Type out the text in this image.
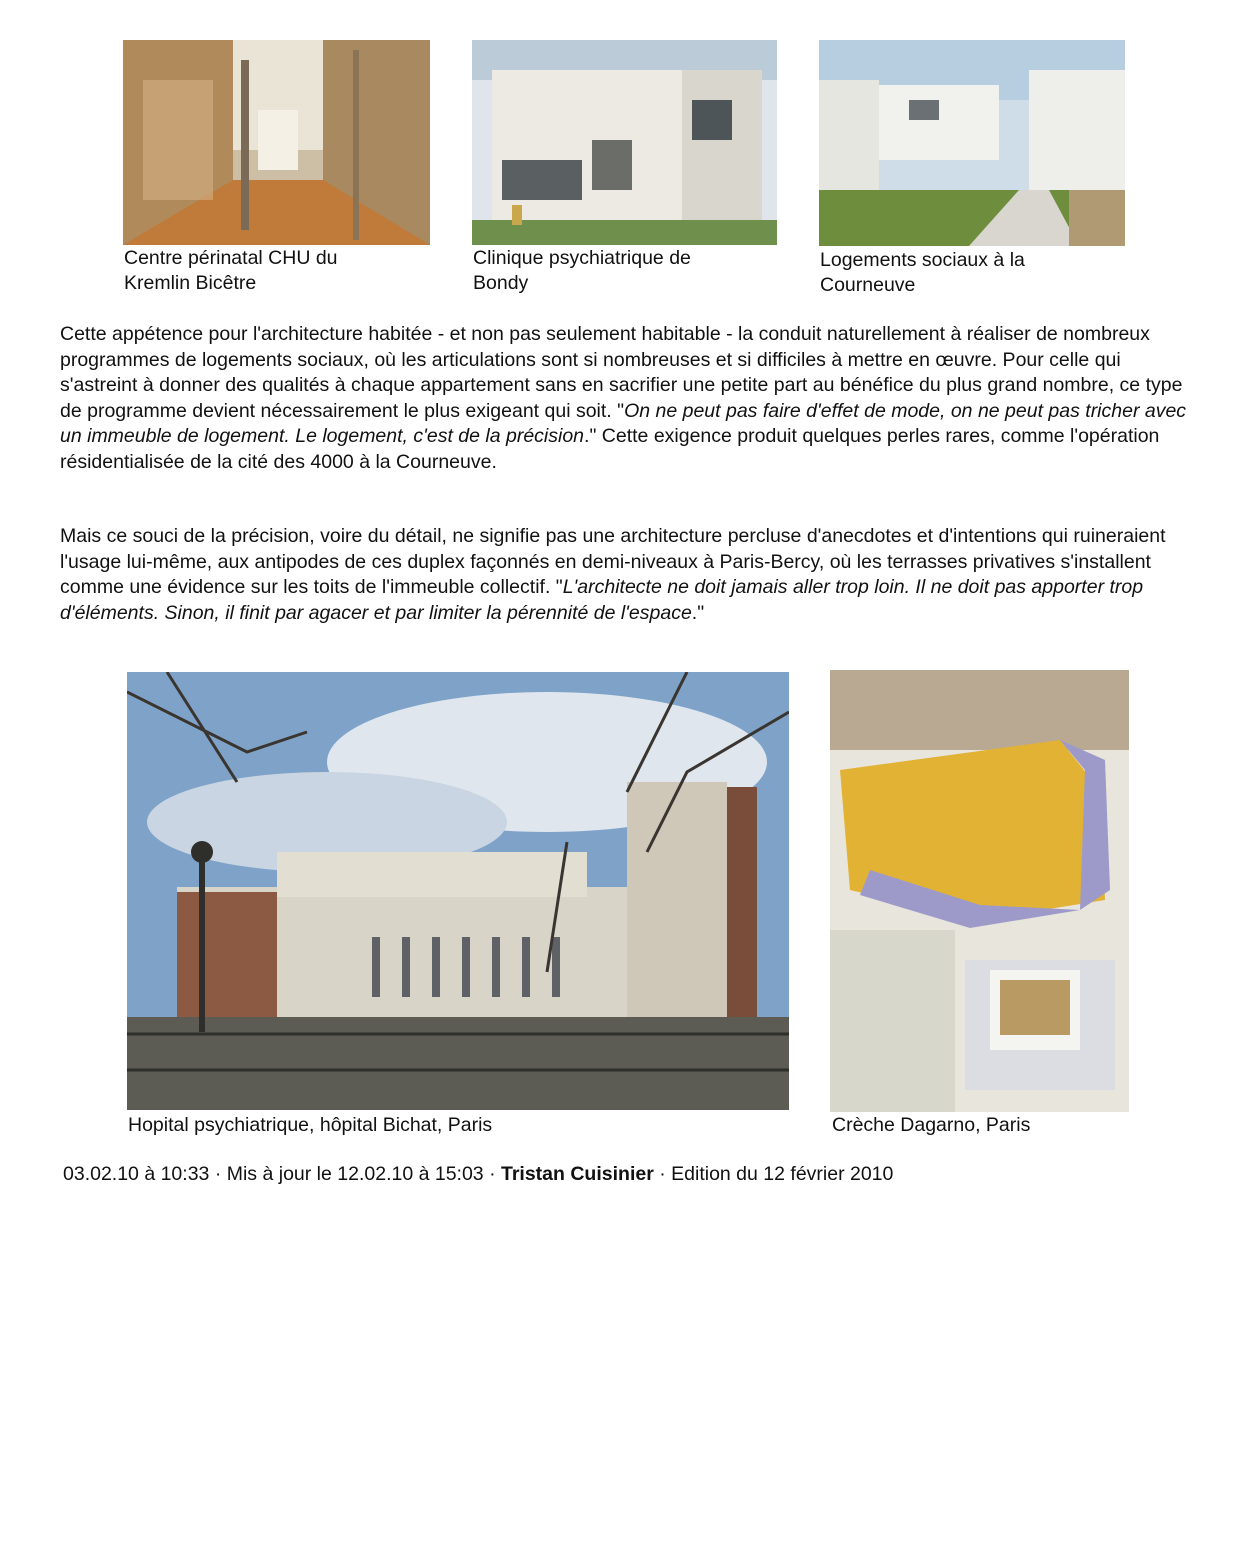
Centre périnatal CHU du
Kremlin Bicêtre
Clinique psychiatrique de
Bondy
Logements sociaux à la
Courneuve

Cette appétence pour l'architecture habitée - et non pas seulement habitable - la conduit naturellement à réaliser de nombreux programmes de logements sociaux, où les articulations sont si nombreuses et si difficiles à mettre en œuvre. Pour celle qui s'astreint à donner des qualités à chaque appartement sans en sacrifier une petite part au bénéfice du plus grand nombre, ce type de programme devient nécessairement le plus exigeant qui soit. "On ne peut pas faire d'effet de mode, on ne peut pas tricher avec un immeuble de logement. Le logement, c'est de la précision." Cette exigence produit quelques perles rares, comme l'opération résidentialisée de la cité des 4000 à la Courneuve.

Mais ce souci de la précision, voire du détail, ne signifie pas une architecture percluse d'anecdotes et d'intentions qui ruineraient l'usage lui-même, aux antipodes de ces duplex façonnés en demi-niveaux à Paris-Bercy, où les terrasses privatives s'installent comme une évidence sur les toits de l'immeuble collectif. "L'architecte ne doit jamais aller trop loin. Il ne doit pas apporter trop d'éléments. Sinon, il finit par agacer et par limiter la pérennité de l'espace."

Hopital psychiatrique, hôpital Bichat, Paris	Crèche Dagarno, Paris
03.02.10 à 10:33 · Mis à jour le 12.02.10 à 15:03 · Tristan Cuisinier · Edition du 12 février 2010
